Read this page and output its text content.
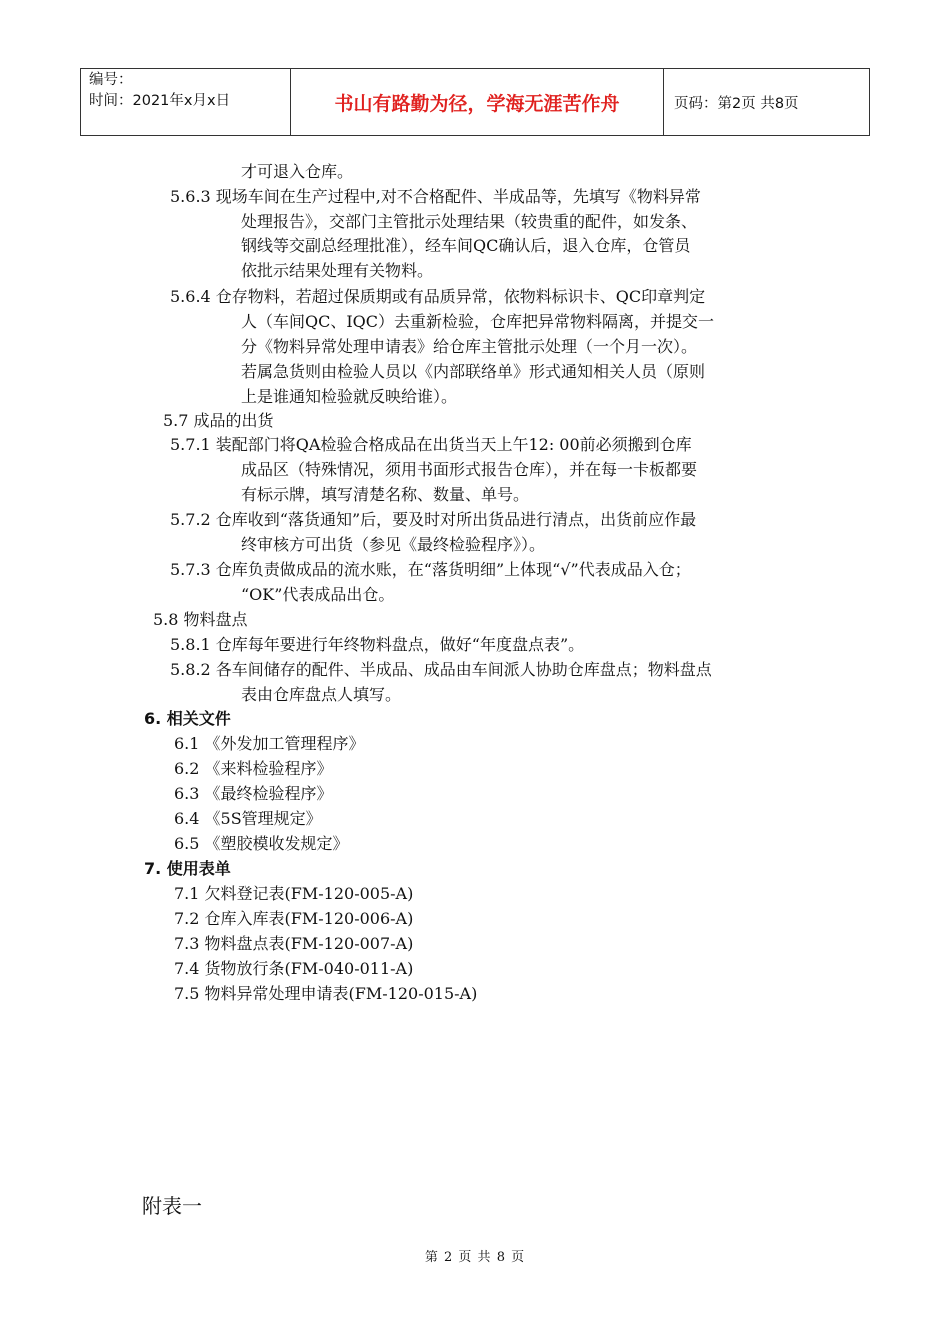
编号：
时间：2021年x月x日	书山有路勤为径，学海无涯苦作舟	页码：第2页 共8页
才可退入仓库。
5.6.3 现场车间在生产过程中,对不合格配件、半成品等，先填写《物料异常
处理报告》，交部门主管批示处理结果（较贵重的配件，如发条、
钢线等交副总经理批准），经车间QC确认后，退入仓库，仓管员
依批示结果处理有关物料。
5.6.4 仓存物料，若超过保质期或有品质异常，依物料标识卡、QC印章判定
人（车间QC、IQC）去重新检验，仓库把异常物料隔离，并提交一
分《物料异常处理申请表》给仓库主管批示处理（一个月一次）。
若属急货则由检验人员以《内部联络单》形式通知相关人员（原则
上是谁通知检验就反映给谁）。
5.7 成品的出货
5.7.1 装配部门将QA检验合格成品在出货当天上午12: 00前必须搬到仓库
成品区（特殊情况，须用书面形式报告仓库），并在每一卡板都要
有标示牌，填写清楚名称、数量、单号。
5.7.2 仓库收到“落货通知”后，要及时对所出货品进行清点，出货前应作最
终审核方可出货（参见《最终检验程序》）。
5.7.3 仓库负责做成品的流水账，在“落货明细”上体现“√”代表成品入仓；
“OK”代表成品出仓。
5.8 物料盘点
5.8.1 仓库每年要进行年终物料盘点，做好“年度盘点表”。
5.8.2 各车间储存的配件、半成品、成品由车间派人协助仓库盘点；物料盘点
表由仓库盘点人填写。
6. 相关文件
6.1 《外发加工管理程序》
6.2 《来料检验程序》
6.3 《最终检验程序》
6.4 《5S管理规定》
6.5 《塑胶模收发规定》
7. 使用表单
7.1 欠料登记表(FM-120-005-A)
7.2 仓库入库表(FM-120-006-A)
7.3 物料盘点表(FM-120-007-A)
7.4 货物放行条(FM-040-011-A)
7.5 物料异常处理申请表(FM-120-015-A)
附表一
第 2 页 共 8 页
